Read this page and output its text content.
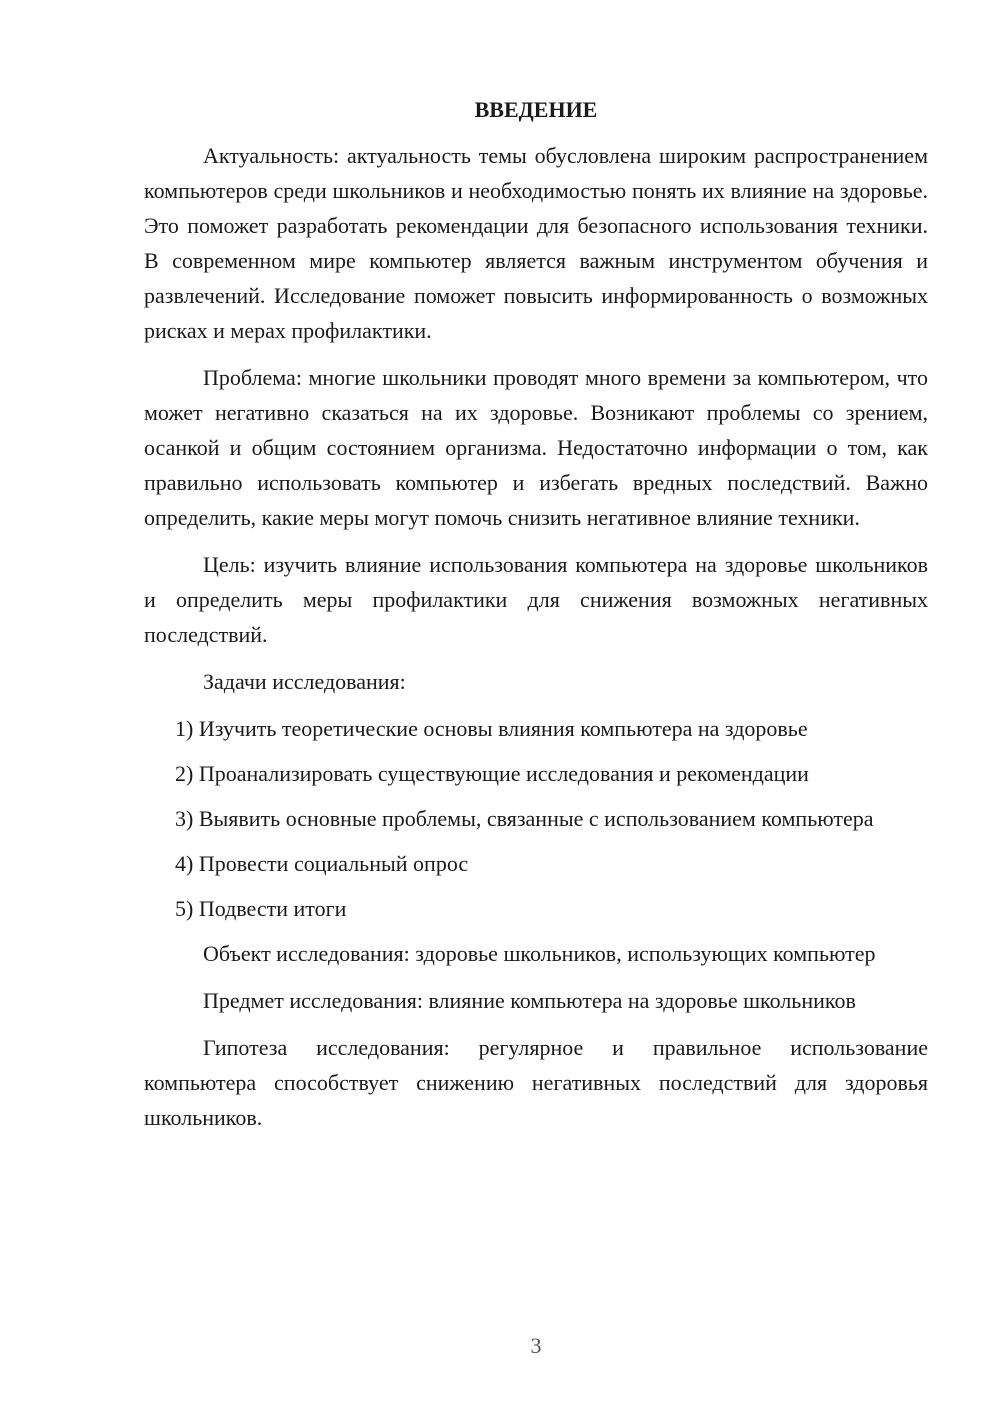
ВВЕДЕНИЕ

Актуальность: актуальность темы обусловлена широким распространением компьютеров среди школьников и необходимостью понять их влияние на здоровье. Это поможет разработать рекомендации для безопасного использования техники. В современном мире компьютер является важным инструментом обучения и развлечений. Исследование поможет повысить информированность о возможных рисках и мерах профилактики.

Проблема: многие школьники проводят много времени за компьютером, что может негативно сказаться на их здоровье. Возникают проблемы со зрением, осанкой и общим состоянием организма. Недостаточно информации о том, как правильно использовать компьютер и избегать вредных последствий. Важно определить, какие меры могут помочь снизить негативное влияние техники.

Цель: изучить влияние использования компьютера на здоровье школьников и определить меры профилактики для снижения возможных негативных последствий.

Задачи исследования:

1) Изучить теоретические основы влияния компьютера на здоровье
2) Проанализировать существующие исследования и рекомендации
3) Выявить основные проблемы, связанные с использованием компьютера
4) Провести социальный опрос
5) Подвести итоги

Объект исследования: здоровье школьников, использующих компьютер

Предмет исследования: влияние компьютера на здоровье школьников

Гипотеза исследования: регулярное и правильное использование компьютера способствует снижению негативных последствий для здоровья школьников.

3
